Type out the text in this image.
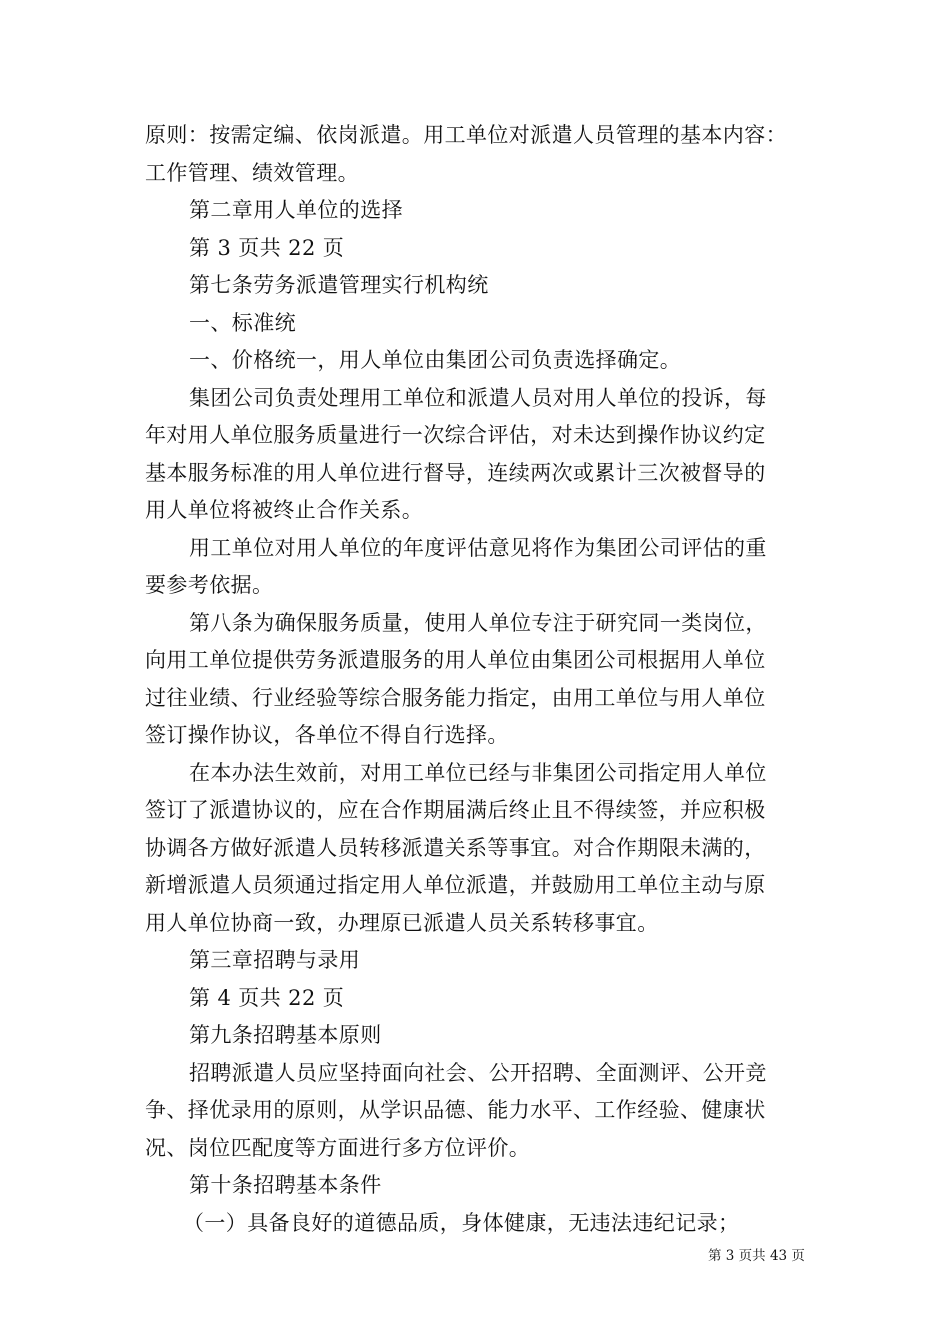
原则：按需定编、依岗派遣。用工单位对派遣人员管理的基本内容：
工作管理、绩效管理。
第二章用人单位的选择
第 3 页共 22 页
第七条劳务派遣管理实行机构统
一、标准统
一、价格统一，用人单位由集团公司负责选择确定。
集团公司负责处理用工单位和派遣人员对用人单位的投诉，每
年对用人单位服务质量进行一次综合评估，对未达到操作协议约定
基本服务标准的用人单位进行督导，连续两次或累计三次被督导的
用人单位将被终止合作关系。
用工单位对用人单位的年度评估意见将作为集团公司评估的重
要参考依据。
第八条为确保服务质量，使用人单位专注于研究同一类岗位，
向用工单位提供劳务派遣服务的用人单位由集团公司根据用人单位
过往业绩、行业经验等综合服务能力指定，由用工单位与用人单位
签订操作协议，各单位不得自行选择。
在本办法生效前，对用工单位已经与非集团公司指定用人单位
签订了派遣协议的，应在合作期届满后终止且不得续签，并应积极
协调各方做好派遣人员转移派遣关系等事宜。对合作期限未满的，
新增派遣人员须通过指定用人单位派遣，并鼓励用工单位主动与原
用人单位协商一致，办理原已派遣人员关系转移事宜。
第三章招聘与录用
第 4 页共 22 页
第九条招聘基本原则
招聘派遣人员应坚持面向社会、公开招聘、全面测评、公开竞
争、择优录用的原则，从学识品德、能力水平、工作经验、健康状
况、岗位匹配度等方面进行多方位评价。
第十条招聘基本条件
（一）具备良好的道德品质，身体健康，无违法违纪记录；
第 3 页共 43 页
